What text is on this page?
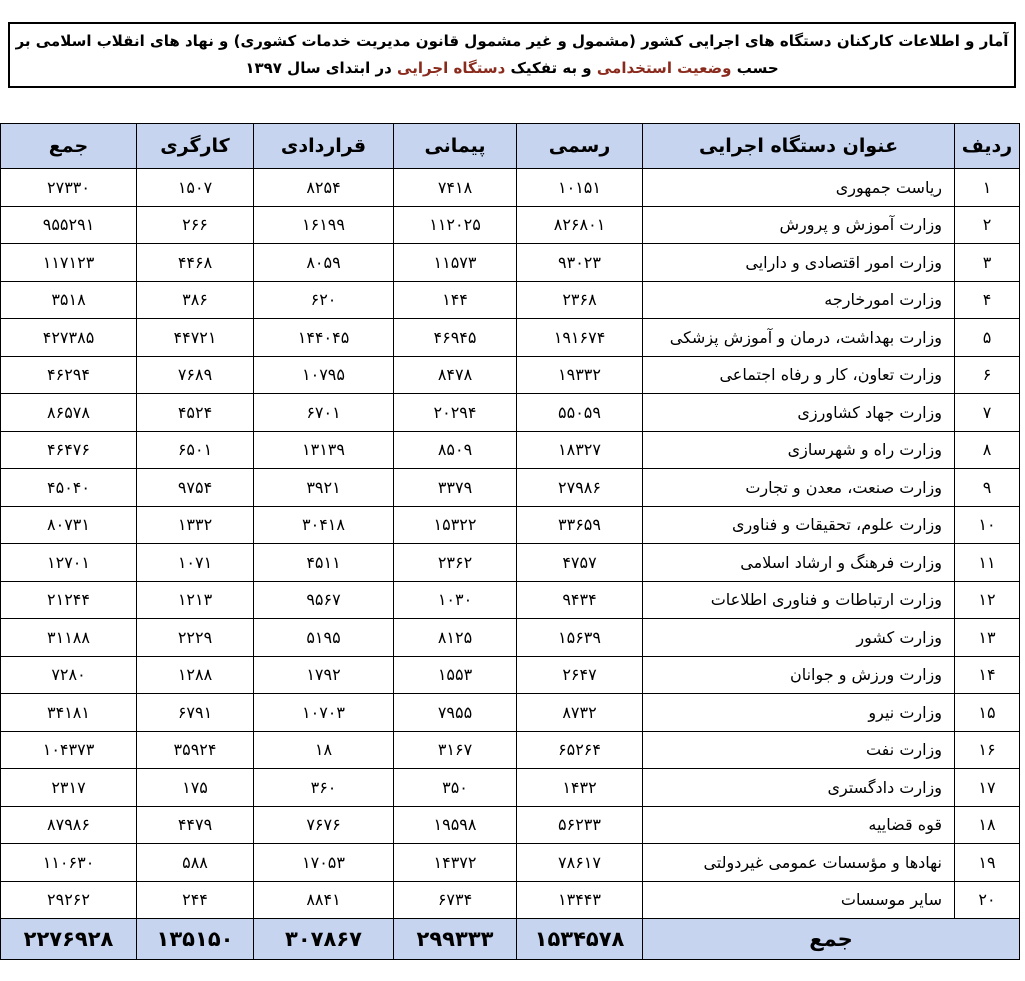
آمار و اطلاعات کارکنان دستگاه های اجرایی کشور (مشمول و غیر مشمول قانون مدیریت خدمات کشوری) و نهاد های انقلاب اسلامی بر
حسب وضعیت استخدامی و به تفکیک دستگاه اجرایی در ابتدای سال ۱۳۹۷
ردیف	عنوان دستگاه اجرایی	رسمی	پیمانی	قراردادی	کارگری	جمع
۱	ریاست جمهوری	۱۰۱۵۱	۷۴۱۸	۸۲۵۴	۱۵۰۷	۲۷۳۳۰
۲	وزارت آموزش و پرورش	۸۲۶۸۰۱	۱۱۲۰۲۵	۱۶۱۹۹	۲۶۶	۹۵۵۲۹۱
۳	وزارت امور اقتصادی و دارایی	۹۳۰۲۳	۱۱۵۷۳	۸۰۵۹	۴۴۶۸	۱۱۷۱۲۳
۴	وزارت امورخارجه	۲۳۶۸	۱۴۴	۶۲۰	۳۸۶	۳۵۱۸
۵	وزارت بهداشت، درمان و آموزش پزشکی	۱۹۱۶۷۴	۴۶۹۴۵	۱۴۴۰۴۵	۴۴۷۲۱	۴۲۷۳۸۵
۶	وزارت تعاون، کار و رفاه اجتماعی	۱۹۳۳۲	۸۴۷۸	۱۰۷۹۵	۷۶۸۹	۴۶۲۹۴
۷	وزارت جهاد کشاورزی	۵۵۰۵۹	۲۰۲۹۴	۶۷۰۱	۴۵۲۴	۸۶۵۷۸
۸	وزارت راه و شهرسازی	۱۸۳۲۷	۸۵۰۹	۱۳۱۳۹	۶۵۰۱	۴۶۴۷۶
۹	وزارت صنعت، معدن و تجارت	۲۷۹۸۶	۳۳۷۹	۳۹۲۱	۹۷۵۴	۴۵۰۴۰
۱۰	وزارت علوم، تحقیقات و فناوری	۳۳۶۵۹	۱۵۳۲۲	۳۰۴۱۸	۱۳۳۲	۸۰۷۳۱
۱۱	وزارت فرهنگ و ارشاد اسلامی	۴۷۵۷	۲۳۶۲	۴۵۱۱	۱۰۷۱	۱۲۷۰۱
۱۲	وزارت ارتباطات و فناوری اطلاعات	۹۴۳۴	۱۰۳۰	۹۵۶۷	۱۲۱۳	۲۱۲۴۴
۱۳	وزارت کشور	۱۵۶۳۹	۸۱۲۵	۵۱۹۵	۲۲۲۹	۳۱۱۸۸
۱۴	وزارت ورزش و جوانان	۲۶۴۷	۱۵۵۳	۱۷۹۲	۱۲۸۸	۷۲۸۰
۱۵	وزارت نیرو	۸۷۳۲	۷۹۵۵	۱۰۷۰۳	۶۷۹۱	۳۴۱۸۱
۱۶	وزارت نفت	۶۵۲۶۴	۳۱۶۷	۱۸	۳۵۹۲۴	۱۰۴۳۷۳
۱۷	وزارت دادگستری	۱۴۳۲	۳۵۰	۳۶۰	۱۷۵	۲۳۱۷
۱۸	قوه قضاییه	۵۶۲۳۳	۱۹۵۹۸	۷۶۷۶	۴۴۷۹	۸۷۹۸۶
۱۹	نهادها و مؤسسات عمومی غیردولتی	۷۸۶۱۷	۱۴۳۷۲	۱۷۰۵۳	۵۸۸	۱۱۰۶۳۰
۲۰	سایر موسسات	۱۳۴۴۳	۶۷۳۴	۸۸۴۱	۲۴۴	۲۹۲۶۲
جمع		۱۵۳۴۵۷۸	۲۹۹۳۳۳	۳۰۷۸۶۷	۱۳۵۱۵۰	۲۲۷۶۹۲۸
